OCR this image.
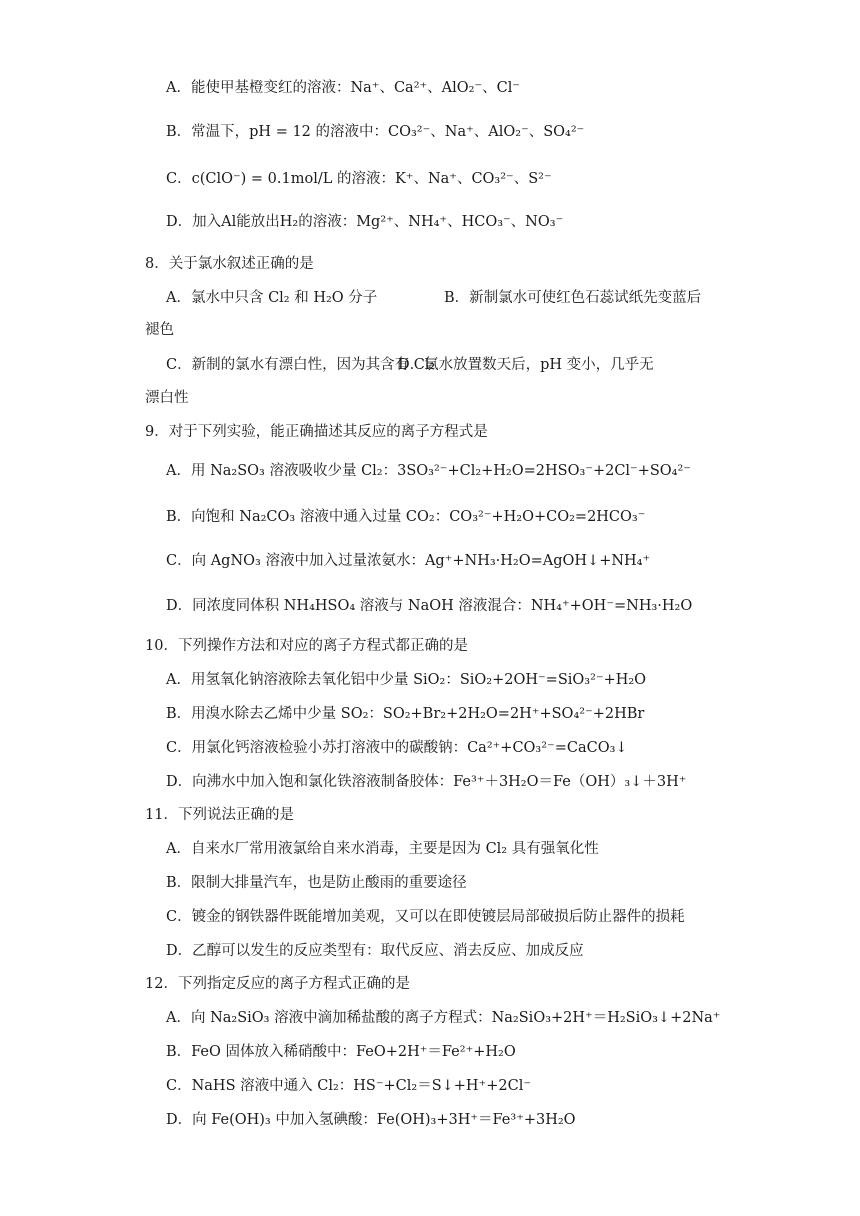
A．能使甲基橙变红的溶液：Na⁺、Ca²⁺、AlO₂⁻、Cl⁻
B．常温下，pH = 12 的溶液中：CO₃²⁻、Na⁺、AlO₂⁻、SO₄²⁻
C．c(ClO⁻) = 0.1mol/L 的溶液：K⁺、Na⁺、CO₃²⁻、S²⁻
D．加入Al能放出H₂的溶液：Mg²⁺、NH₄⁺、HCO₃⁻、NO₃⁻
8．关于氯水叙述正确的是
A．氯水中只含 Cl₂ 和 H₂O 分子	B．新制氯水可使红色石蕊试纸先变蓝后
褪色
C．新制的氯水有漂白性，因为其含有 Cl₂
D．氯水放置数天后，pH 变小，几乎无
漂白性
9．对于下列实验，能正确描述其反应的离子方程式是
A．用 Na₂SO₃ 溶液吸收少量 Cl₂：3SO₃²⁻+Cl₂+H₂O=2HSO₃⁻+2Cl⁻+SO₄²⁻
B．向饱和 Na₂CO₃ 溶液中通入过量 CO₂：CO₃²⁻+H₂O+CO₂=2HCO₃⁻
C．向 AgNO₃ 溶液中加入过量浓氨水：Ag⁺+NH₃·H₂O=AgOH↓+NH₄⁺
D．同浓度同体积 NH₄HSO₄ 溶液与 NaOH 溶液混合：NH₄⁺+OH⁻=NH₃·H₂O
10．下列操作方法和对应的离子方程式都正确的是
A．用氢氧化钠溶液除去氧化铝中少量 SiO₂：SiO₂+2OH⁻=SiO₃²⁻+H₂O
B．用溴水除去乙烯中少量 SO₂：SO₂+Br₂+2H₂O=2H⁺+SO₄²⁻+2HBr
C．用氯化钙溶液检验小苏打溶液中的碳酸钠：Ca²⁺+CO₃²⁻=CaCO₃↓
D．向沸水中加入饱和氯化铁溶液制备胶体：Fe³⁺＋3H₂O＝Fe（OH）₃↓＋3H⁺
11．下列说法正确的是
A．自来水厂常用液氯给自来水消毒，主要是因为 Cl₂ 具有强氧化性
B．限制大排量汽车，也是防止酸雨的重要途径
C．镀金的钢铁器件既能增加美观，又可以在即使镀层局部破损后防止器件的损耗
D．乙醇可以发生的反应类型有：取代反应、消去反应、加成反应
12．下列指定反应的离子方程式正确的是
A．向 Na₂SiO₃ 溶液中滴加稀盐酸的离子方程式：Na₂SiO₃+2H⁺＝H₂SiO₃↓+2Na⁺
B．FeO 固体放入稀硝酸中：FeO+2H⁺＝Fe²⁺+H₂O
C．NaHS 溶液中通入 Cl₂：HS⁻+Cl₂＝S↓+H⁺+2Cl⁻
D．向 Fe(OH)₃ 中加入氢碘酸：Fe(OH)₃+3H⁺＝Fe³⁺+3H₂O
